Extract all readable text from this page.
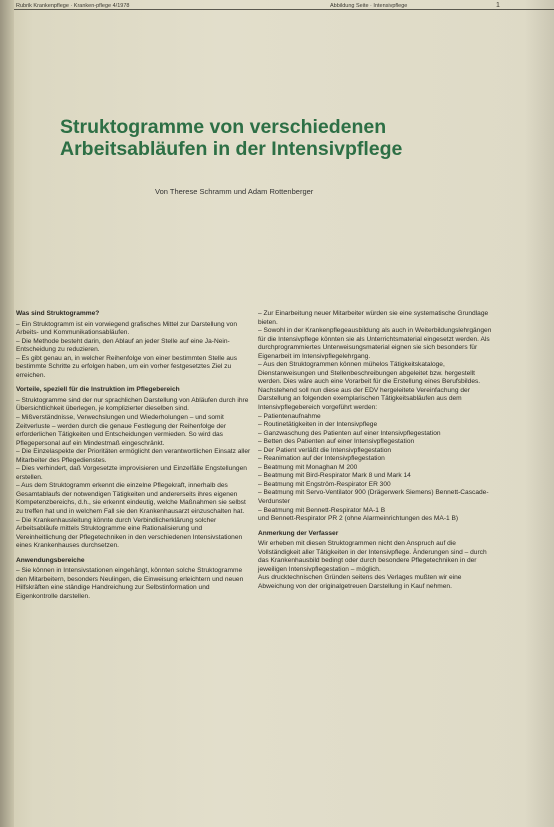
Rubrik Krankenpflege · Kranken-pflege 4/1978	Abbildung Seite · Intensivpflege	1
Struktogramme von verschiedenen Arbeitsabläufen in der Intensivpflege
Von Therese Schramm und Adam Rottenberger

Was sind Struktogramme?

– Ein Struktogramm ist ein vorwiegend grafisches Mittel zur Darstellung von Arbeits- und Kommunikationsabläufen.

– Die Methode besteht darin, den Ablauf an jeder Stelle auf eine Ja-Nein-Entscheidung zu reduzieren.

– Es gibt genau an, in welcher Reihenfolge von einer bestimmten Stelle aus bestimmte Schritte zu erfolgen haben, um ein vorher festgesetztes Ziel zu erreichen.

Vorteile, speziell für die Instruktion im Pflegebereich

– Struktogramme sind der nur sprachlichen Darstellung von Abläufen durch ihre Übersichtlichkeit überlegen, je komplizierter dieselben sind.

– Mißverständnisse, Verwechslungen und Wiederholungen – und somit Zeitverluste – werden durch die genaue Festlegung der Reihenfolge der erforderlichen Tätigkeiten und Entscheidungen vermieden. So wird das Pflegepersonal auf ein Mindestmaß eingeschränkt.

– Die Einzelaspekte der Prioritäten ermöglicht den verantwortlichen Einsatz aller Mitarbeiter des Pflegedienstes.

– Dies verhindert, daß Vorgesetzte improvisieren und Einzelfälle Engstellungen erstellen.

– Aus dem Struktogramm erkennt die einzelne Pflegekraft, innerhalb des Gesamtablaufs der notwendigen Tätigkeiten und andererseits ihres eigenen Kompetenzbereichs, d.h., sie erkennt eindeutig, welche Maßnahmen sie selbst zu treffen hat und in welchem Fall sie den Krankenhausarzt einzuschalten hat.

– Die Krankenhausleitung könnte durch Verbindlicherklärung solcher Arbeitsabläufe mittels Struktogramme eine Rationalisierung und Vereinheitlichung der Pflegetechniken in den verschiedenen Intensivstationen eines Krankenhauses durchsetzen.

Anwendungsbereiche

– Sie können in Intensivstationen eingehängt, könnten solche Struktogramme den Mitarbeitern, besonders Neulingen, die Einweisung erleichtern und neuen Hilfskräften eine ständige Handreichung zur Selbstinformation und Eigenkontrolle darstellen.

– Zur Einarbeitung neuer Mitarbeiter würden sie eine systematische Grundlage bieten.

– Sowohl in der Krankenpflegeausbildung als auch in Weiterbildungslehrgängen für die Intensivpflege könnten sie als Unterrichtsmaterial eingesetzt werden. Als durchprogrammiertes Unterweisungsmaterial eignen sie sich besonders für Eigenarbeit im Intensivpflegelehrgang.

– Aus den Struktogrammen können mühelos Tätigkeitskataloge, Dienstanweisungen und Stellenbeschreibungen abgeleitet bzw. hergestellt werden. Dies wäre auch eine Vorarbeit für die Erstellung eines Berufsbildes.

Nachstehend soll nun diese aus der EDV hergeleitete Vereinfachung der Darstellung an folgenden exemplarischen Tätigkeitsabläufen aus dem Intensivpflegebereich vorgeführt werden:

– Patientenaufnahme

– Routinetätigkeiten in der Intensivpflege

– Ganzwaschung des Patienten auf einer Intensivpflegestation

– Betten des Patienten auf einer Intensivpflegestation

– Der Patient verläßt die Intensivpflegestation

– Reanimation auf der Intensivpflegestation

– Beatmung mit Monaghan M 200

– Beatmung mit Bird-Respirator Mark 8 und Mark 14

– Beatmung mit Engström-Respirator ER 300

– Beatmung mit Servo-Ventilator 900 (Drägerwerk Siemens) Bennett-Cascade-Verdunster

– Beatmung mit Bennett-Respirator MA-1 B

und Bennett-Respirator PR 2 (ohne Alarmeinrichtungen des MA-1 B)

Anmerkung der Verfasser

Wir erheben mit diesen Struktogrammen nicht den Anspruch auf die Vollständigkeit aller Tätigkeiten in der Intensivpflege. Änderungen sind – durch das Krankenhausbild bedingt oder durch besondere Pflegetechniken in der jeweiligen Intensivpflegestation – möglich.

Aus drucktechnischen Gründen seitens des Verlages mußten wir eine Abweichung von der originalgetreuen Darstellung in Kauf nehmen.
